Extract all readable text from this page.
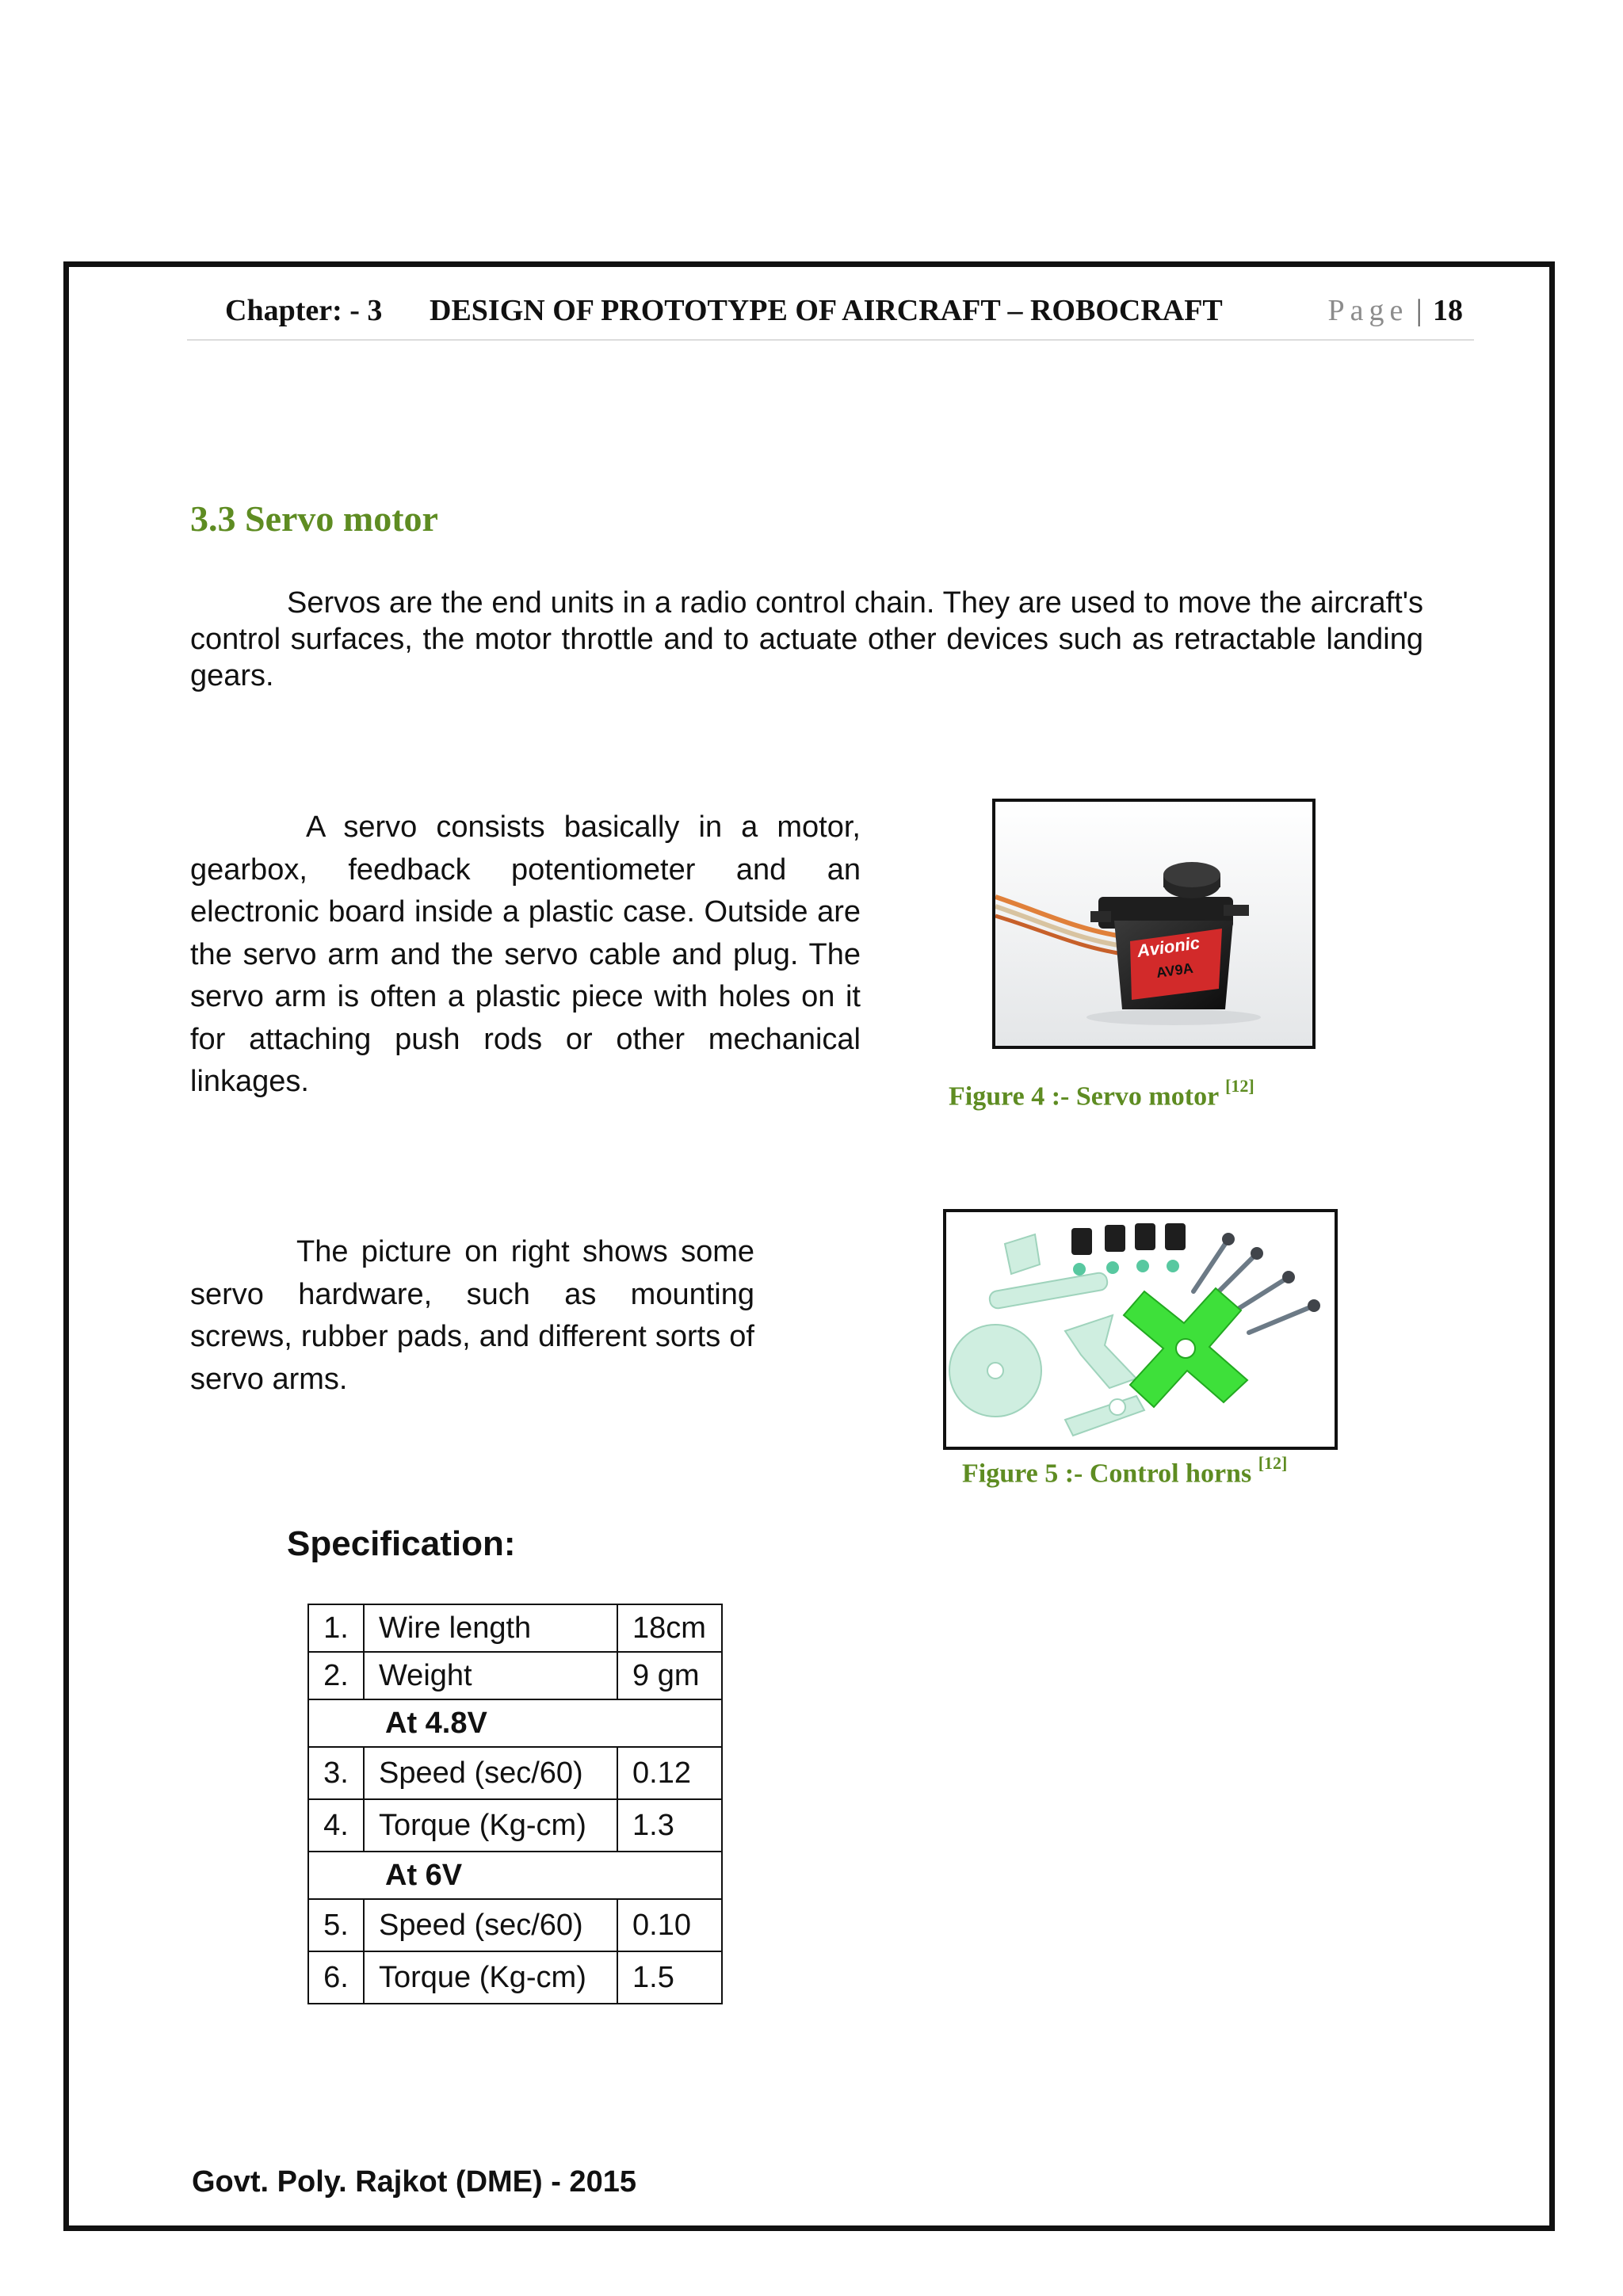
Chapter: - 3 DESIGN OF PROTOTYPE OF AIRCRAFT – ROBOCRAFT	Page | 18
3.3 Servo motor

Servos are the end units in a radio control chain. They are used to move the aircraft's control surfaces, the motor throttle and to actuate other devices such as retractable landing gears.

A servo consists basically in a motor, gearbox, feedback potentiometer and an electronic board inside a plastic case. Outside are the servo arm and the servo cable and plug. The servo arm is often a plastic piece with holes on it for attaching push rods or other mechanical linkages.

Avionic
AV9A

Figure 4 :- Servo motor [12]

The picture on right shows some servo hardware, such as mounting screws, rubber pads, and different sorts of servo arms.

Figure 5 :- Control horns [12]

Specification:
1.	Wire length	18cm
2.	Weight	9 gm
At 4.8V		
3.	Speed (sec/60)	0.12
4.	Torque (Kg-cm)	1.3
At 6V		
5.	Speed (sec/60)	0.10
6.	Torque (Kg-cm)	1.5

Govt. Poly. Rajkot (DME) - 2015
